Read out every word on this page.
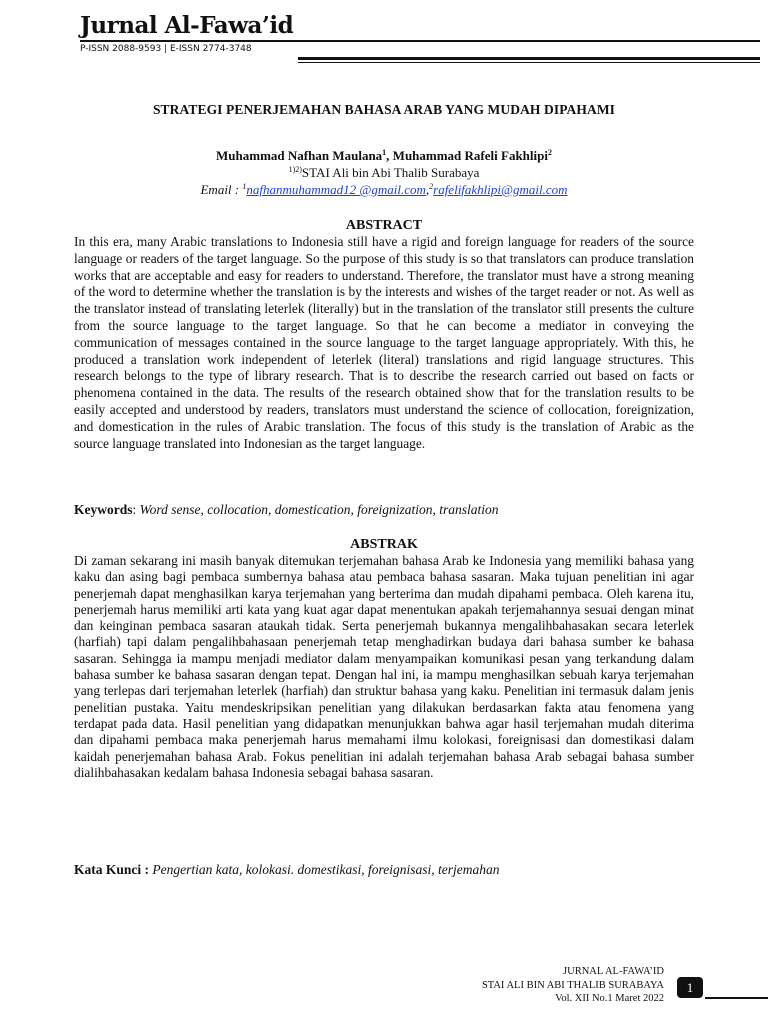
Jurnal Al-Fawa’id
P-ISSN 2088-9593 | E-ISSN 2774-3748
STRATEGI PENERJEMAHAN BAHASA ARAB YANG MUDAH DIPAHAMI
Muhammad Nafhan Maulana$^1$, Muhammad Rafeli Fakhlipi$^2$
$^{1)2)}$STAI Ali bin Abi Thalib Surabaya
Email : $^1$nafhanmuhammad12 @gmail.com,$^2$rafelifakhlipi@gmail.com
ABSTRACT

In this era, many Arabic translations to Indonesia still have a rigid and foreign language for readers of the source language or readers of the target language. So the purpose of this study is so that translators can produce translation works that are acceptable and easy for readers to understand. Therefore, the translator must have a strong meaning of the word to determine whether the translation is by the interests and wishes of the target reader or not. As well as the translator instead of translating leterlek (literally) but in the translation of the translator still presents the culture from the source language to the target language. So that he can become a mediator in conveying the communication of messages contained in the source language to the target language appropriately. With this, he produced a translation work independent of leterlek (literal) translations and rigid language structures. This research belongs to the type of library research. That is to describe the research carried out based on facts or phenomena contained in the data. The results of the research obtained show that for the translation results to be easily accepted and understood by readers, translators must understand the science of collocation, foreignization, and domestication in the rules of Arabic translation. The focus of this study is the translation of Arabic as the source language translated into Indonesian as the target language.

Keywords: Word sense, collocation, domestication, foreignization, translation
ABSTRAK

Di zaman sekarang ini masih banyak ditemukan terjemahan bahasa Arab ke Indonesia yang memiliki bahasa yang kaku dan asing bagi pembaca sumbernya bahasa atau pembaca bahasa sasaran. Maka tujuan penelitian ini agar penerjemah dapat menghasilkan karya terjemahan yang berterima dan mudah dipahami pembaca. Oleh karena itu, penerjemah harus memiliki arti kata yang kuat agar dapat menentukan apakah terjemahannya sesuai dengan minat dan keinginan pembaca sasaran ataukah tidak. Serta penerjemah bukannya mengalihbahasakan secara leterlek (harfiah) tapi dalam pengalihbahasaan penerjemah tetap menghadirkan budaya dari bahasa sumber ke bahasa sasaran. Sehingga ia mampu menjadi mediator dalam menyampaikan komunikasi pesan yang terkandung dalam bahasa sumber ke bahasa sasaran dengan tepat. Dengan hal ini, ia mampu menghasilkan sebuah karya terjemahan yang terlepas dari terjemahan leterlek (harfiah) dan struktur bahasa yang kaku. Penelitian ini termasuk dalam jenis penelitian pustaka. Yaitu mendeskripsikan penelitian yang dilakukan berdasarkan fakta atau fenomena yang terdapat pada data. Hasil penelitian yang didapatkan menunjukkan bahwa agar hasil terjemahan mudah diterima dan dipahami pembaca maka penerjemah harus memahami ilmu kolokasi, foreignisasi dan domestikasi dalam kaidah penerjemahan bahasa Arab. Fokus penelitian ini adalah terjemahan bahasa Arab sebagai bahasa sumber dialihbahasakan kedalam bahasa Indonesia sebagai bahasa sasaran.

Kata Kunci : Pengertian kata, kolokasi. domestikasi, foreignisasi, terjemahan
JURNAL AL-FAWA’ID
STAI ALI BIN ABI THALIB SURABAYA
Vol. XII No.1 Maret 2022
1
